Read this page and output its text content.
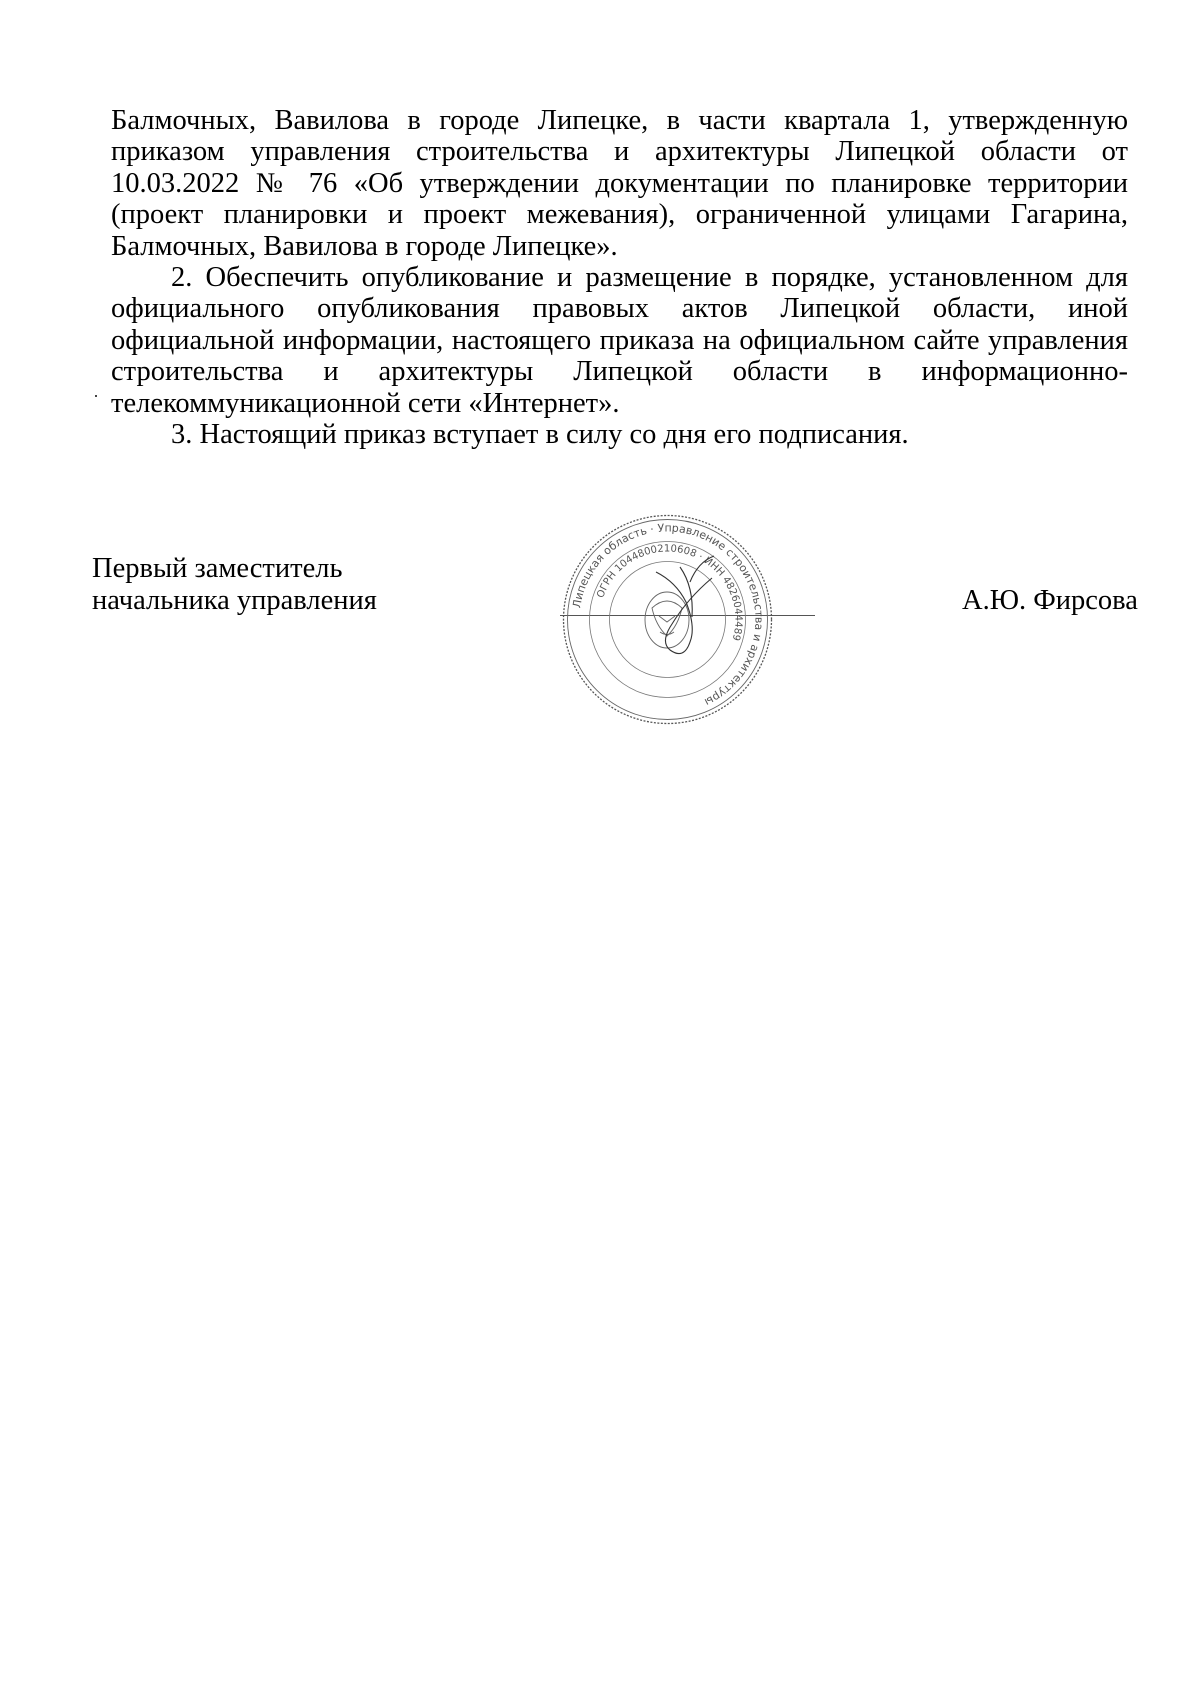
Балмочных, Вавилова в городе Липецке, в части квартала 1, утвержденную приказом управления строительства и архитектуры Липецкой области от 10.03.2022 № 76 «Об утверждении документации по планировке территории (проект планировки и проект межевания), ограниченной улицами Гагарина, Балмочных, Вавилова в городе Липецке».

2. Обеспечить опубликование и размещение в порядке, установленном для официального опубликования правовых актов Липецкой области, иной официальной информации, настоящего приказа на официальном сайте управления строительства и архитектуры Липецкой области в информационно-телекоммуникационной сети «Интернет».

3. Настоящий приказ вступает в силу со дня его подписания.

Первый заместитель
начальника управления	Липецкая область · Управление строительства и архитектуры
ОГРН 1044800210608 · ИНН 4826044489
А.Ю. Фирсова
